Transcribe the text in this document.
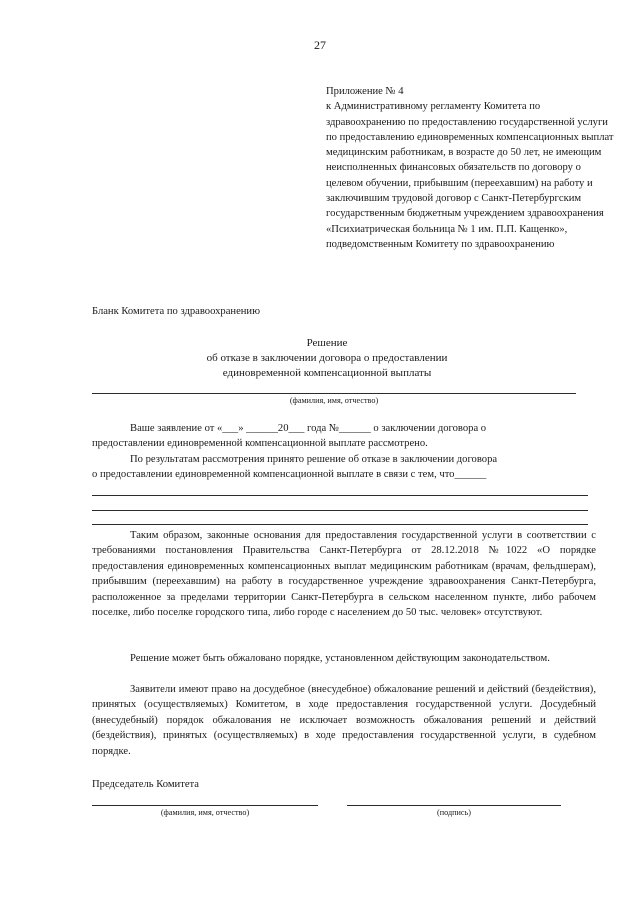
27
Приложение № 4
к Административному регламенту Комитета по здравоохранению по предоставлению государственной услуги по предоставлению единовременных компенсационных выплат медицинским работникам, в возрасте до 50 лет, не имеющим неисполненных финансовых обязательств по договору о целевом обучении, прибывшим (переехавшим) на работу и заключившим трудовой договор с Санкт-Петербургским государственным бюджетным учреждением здравоохранения «Психиатрическая больница № 1 им. П.П. Кащенко», подведомственным Комитету по здравоохранению
Бланк Комитета по здравоохранению
Решение
об отказе в заключении договора о предоставлении
единовременной компенсационной выплаты
(фамилия, имя, отчество)

Ваше заявление от «___» ______20___ года №______ о заключении договора о

предоставлении единовременной компенсационной выплате рассмотрено.

По результатам рассмотрения принято решение об отказе в заключении договора

о предоставлении единовременной компенсационной выплате в связи с тем, что______

Таким образом, законные основания для предоставления государственной услуги в соответствии с требованиями постановления Правительства Санкт-Петербурга от 28.12.2018 №1022 «О порядке предоставления единовременных компенсационных выплат медицинским работникам (врачам, фельдшерам), прибывшим (переехавшим) на работу в государственное учреждение здравоохранения Санкт-Петербурга, расположенное за пределами территории Санкт-Петербурга в сельском населенном пункте, либо рабочем поселке, либо поселке городского типа, либо городе с населением до 50 тыс. человек» отсутствуют.

Решение может быть обжаловано порядке, установленном действующим законодательством.

Заявители имеют право на досудебное (внесудебное) обжалование решений и действий (бездействия), принятых (осуществляемых) Комитетом, в ходе предоставления государственной услуги. Досудебный (внесудебный) порядок обжалования не исключает возможность обжалования решений и действий (бездействия), принятых (осуществляемых) в ходе предоставления государственной услуги, в судебном порядке.

Председатель Комитета
(фамилия, имя, отчество)	(подпись)
